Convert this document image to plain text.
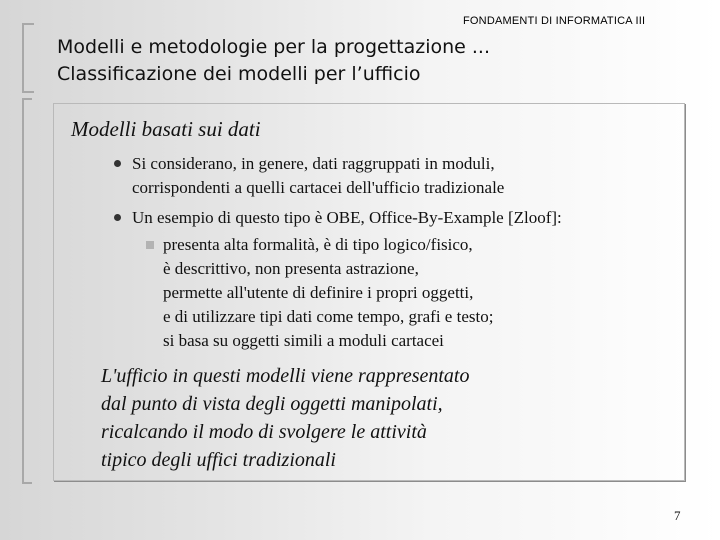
FONDAMENTI DI INFORMATICA III
Modelli e metodologie per la progettazione ...
Classificazione dei modelli per l’ufficio
Modelli basati sui dati
Si considerano, in genere, dati raggruppati in moduli,
corrispondenti a quelli cartacei dell'ufficio tradizionale
Un esempio di questo tipo è OBE, Office-By-Example [Zloof]:
presenta alta formalità, è di tipo logico/fisico,
è descrittivo, non presenta astrazione,
permette all'utente di definire i propri oggetti,
e di utilizzare tipi dati come tempo, grafi e testo;
si basa su oggetti simili a moduli cartacei
L'ufficio in questi modelli viene rappresentato
dal punto di vista degli oggetti manipolati,
ricalcando il modo di svolgere le attività
tipico degli uffici tradizionali
7
